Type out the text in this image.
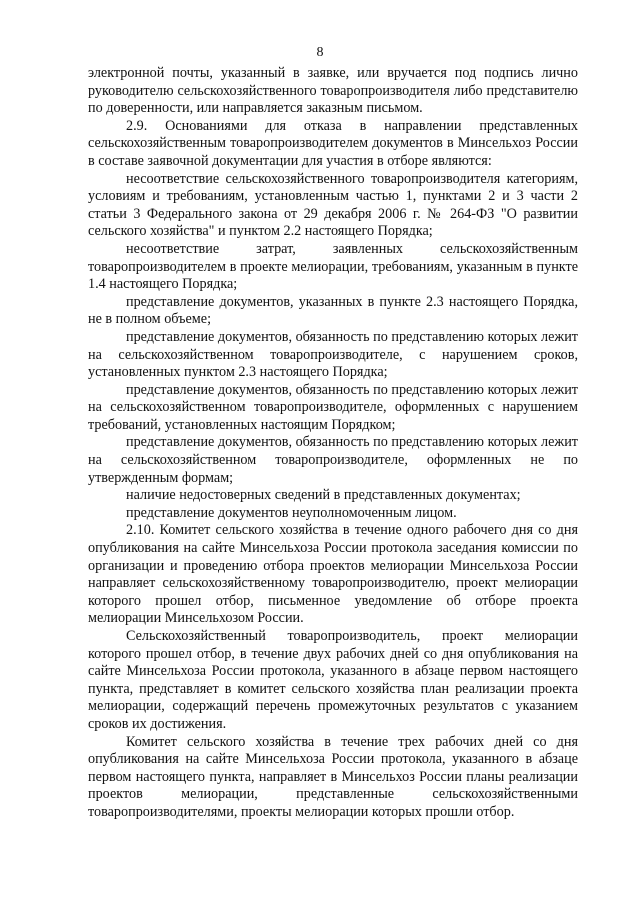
8

электронной почты, указанный в заявке, или вручается под подпись лично руководителю сельскохозяйственного товаропроизводителя либо представителю по доверенности, или направляется заказным письмом.

2.9. Основаниями для отказа в направлении представленных сельскохозяйственным товаропроизводителем документов в Минсельхоз России в составе заявочной документации для участия в отборе являются:

несоответствие сельскохозяйственного товаропроизводителя категориям, условиям и требованиям, установленным частью 1, пунктами 2 и 3 части 2 статьи 3 Федерального закона от 29 декабря 2006 г. № 264-ФЗ "О развитии сельского хозяйства" и пунктом 2.2 настоящего Порядка;

несоответствие затрат, заявленных сельскохозяйственным товаропроизводителем в проекте мелиорации, требованиям, указанным в пункте 1.4 настоящего Порядка;

представление документов, указанных в пункте 2.3 настоящего Порядка, не в полном объеме;

представление документов, обязанность по представлению которых лежит на сельскохозяйственном товаропроизводителе, с нарушением сроков, установленных пунктом 2.3 настоящего Порядка;

представление документов, обязанность по представлению которых лежит на сельскохозяйственном товаропроизводителе, оформленных с нарушением требований, установленных настоящим Порядком;

представление документов, обязанность по представлению которых лежит на сельскохозяйственном товаропроизводителе, оформленных не по утвержденным формам;

наличие недостоверных сведений в представленных документах;

представление документов неуполномоченным лицом.

2.10. Комитет сельского хозяйства в течение одного рабочего дня со дня опубликования на сайте Минсельхоза России протокола заседания комиссии по организации и проведению отбора проектов мелиорации Минсельхоза России направляет сельскохозяйственному товаропроизводителю, проект мелиорации которого прошел отбор, письменное уведомление об отборе проекта мелиорации Минсельхозом России.

Сельскохозяйственный товаропроизводитель, проект мелиорации которого прошел отбор, в течение двух рабочих дней со дня опубликования на сайте Минсельхоза России протокола, указанного в абзаце первом настоящего пункта, представляет в комитет сельского хозяйства план реализации проекта мелиорации, содержащий перечень промежуточных результатов с указанием сроков их достижения.

Комитет сельского хозяйства в течение трех рабочих дней со дня опубликования на сайте Минсельхоза России протокола, указанного в абзаце первом настоящего пункта, направляет в Минсельхоз России планы реализации проектов мелиорации, представленные сельскохозяйственными товаропроизводителями, проекты мелиорации которых прошли отбор.
